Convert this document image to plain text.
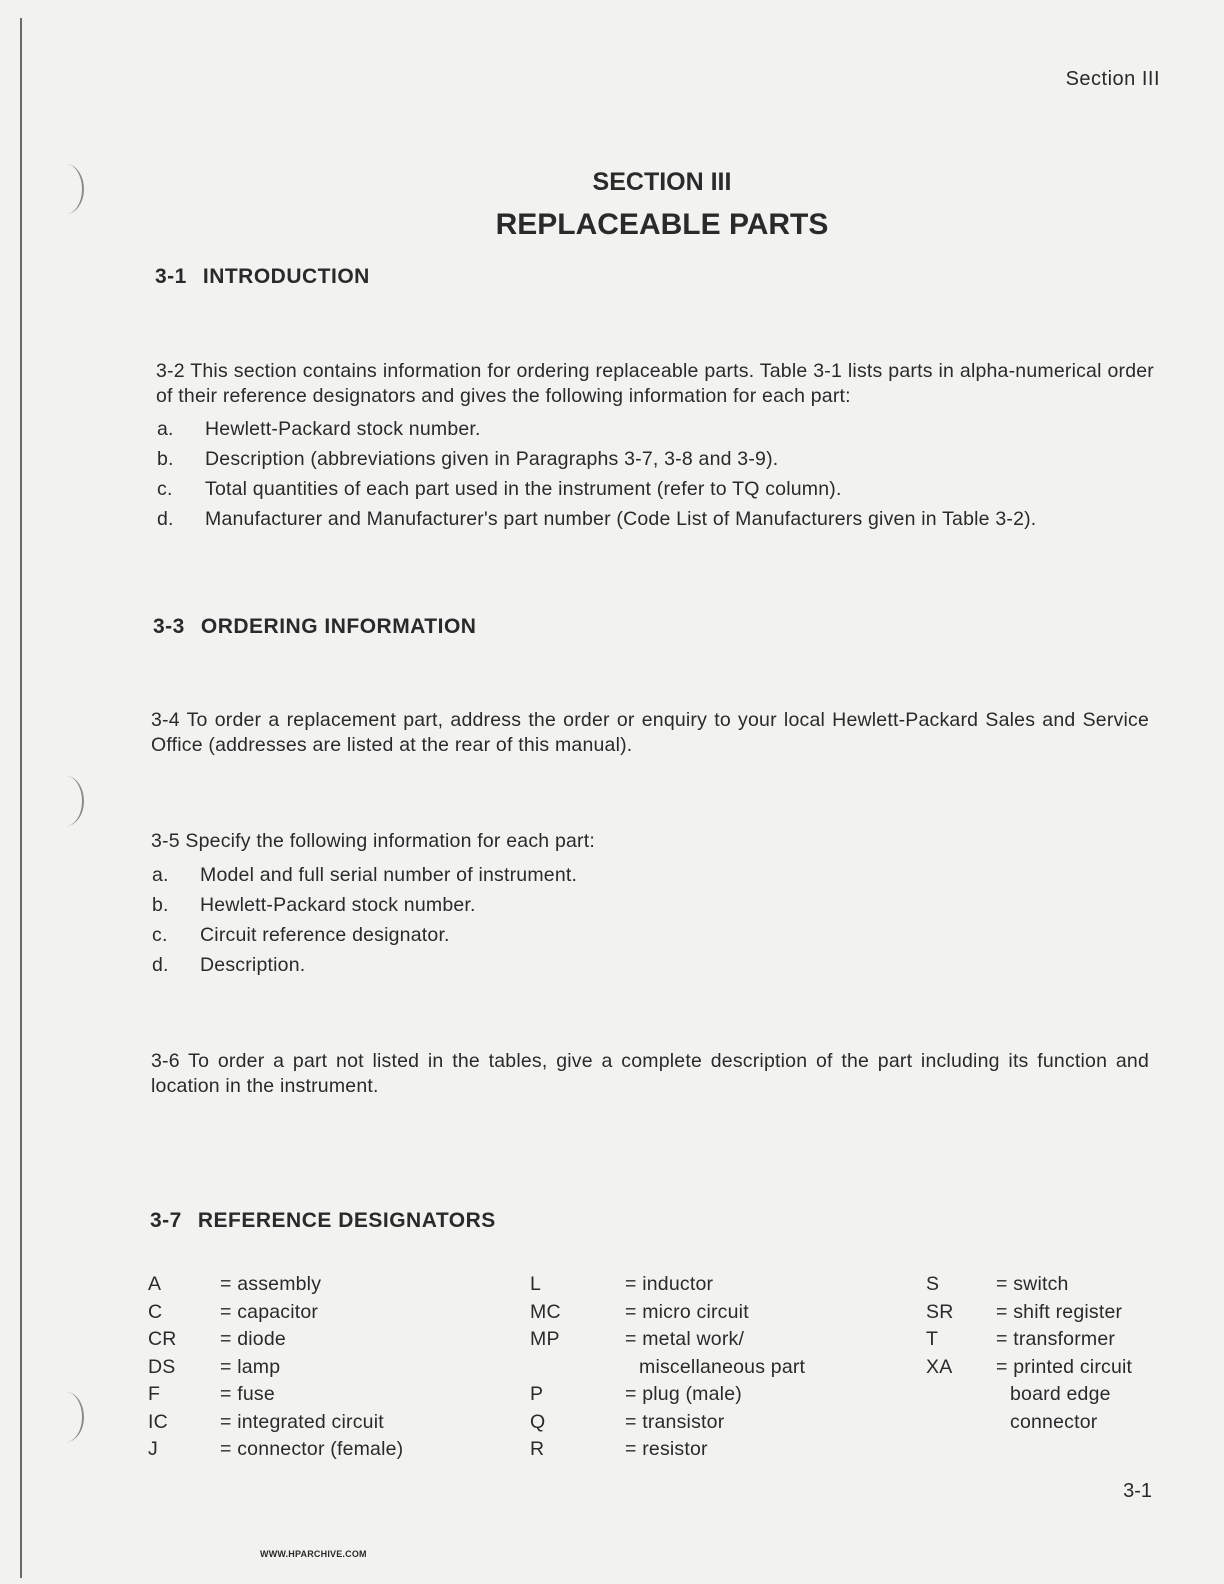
Section III
SECTION III
REPLACEABLE PARTS
3-1 INTRODUCTION
3-2 This section contains information for ordering replaceable parts. Table 3-1 lists parts in alpha-numerical order of their reference designators and gives the following information for each part:
a. Hewlett-Packard stock number.
b. Description (abbreviations given in Paragraphs 3-7, 3-8 and 3-9).
c. Total quantities of each part used in the instrument (refer to TQ column).
d. Manufacturer and Manufacturer's part number (Code List of Manufacturers given in Table 3-2).
3-3 ORDERING INFORMATION
3-4 To order a replacement part, address the order or enquiry to your local Hewlett-Packard Sales and Service Office (addresses are listed at the rear of this manual).
3-5 Specify the following information for each part:
a. Model and full serial number of instrument.
b. Hewlett-Packard stock number.
c. Circuit reference designator.
d. Description.
3-6 To order a part not listed in the tables, give a complete description of the part including its function and location in the instrument.
3-7 REFERENCE DESIGNATORS
A	= assembly
C	= capacitor
CR	= diode
DS	= lamp
F	= fuse
IC	= integrated circuit
J	= connector (female)
L	= inductor
MC	= micro circuit
MP	= metal work/ miscellaneous part
P	= plug (male)
Q	= transistor
R	= resistor
S	= switch
SR	= shift register
T	= transformer
XA	= printed circuit board edge connector
3-1
WWW.HPARCHIVE.COM
